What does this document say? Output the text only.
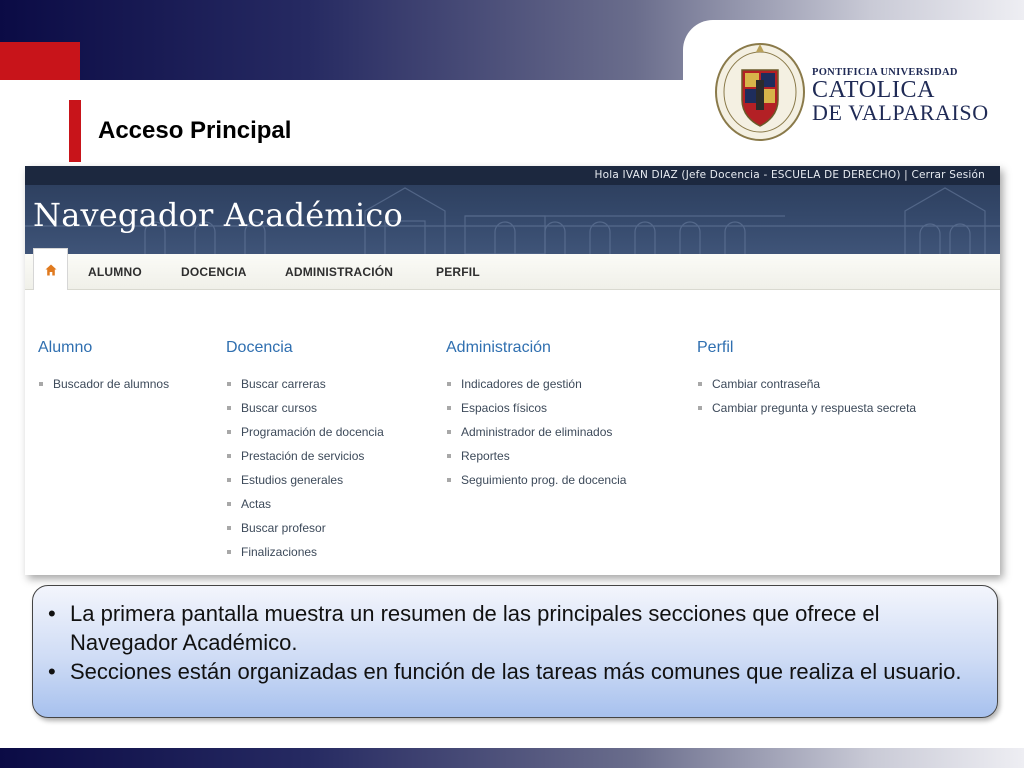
PONTIFICIA UNIVERSIDAD
CATOLICA
DE VALPARAISO
Acceso Principal
Hola IVAN DIAZ (Jefe Docencia - ESCUELA DE DERECHO) | Cerrar Sesión
Navegador Académico
ALUMNO	DOCENCIA	ADMINISTRACIÓN	PERFIL
Alumno
Buscador de alumnos
Docencia
Buscar carreras
Buscar cursos
Programación de docencia
Prestación de servicios
Estudios generales
Actas
Buscar profesor
Finalizaciones
Administración
Indicadores de gestión
Espacios físicos
Administrador de eliminados
Reportes
Seguimiento prog. de docencia
Perfil
Cambiar contraseña
Cambiar pregunta y respuesta secreta
• La primera pantalla muestra un resumen de las principales secciones que ofrece el Navegador Académico.
• Secciones están organizadas en función de las tareas más comunes que realiza el usuario.
